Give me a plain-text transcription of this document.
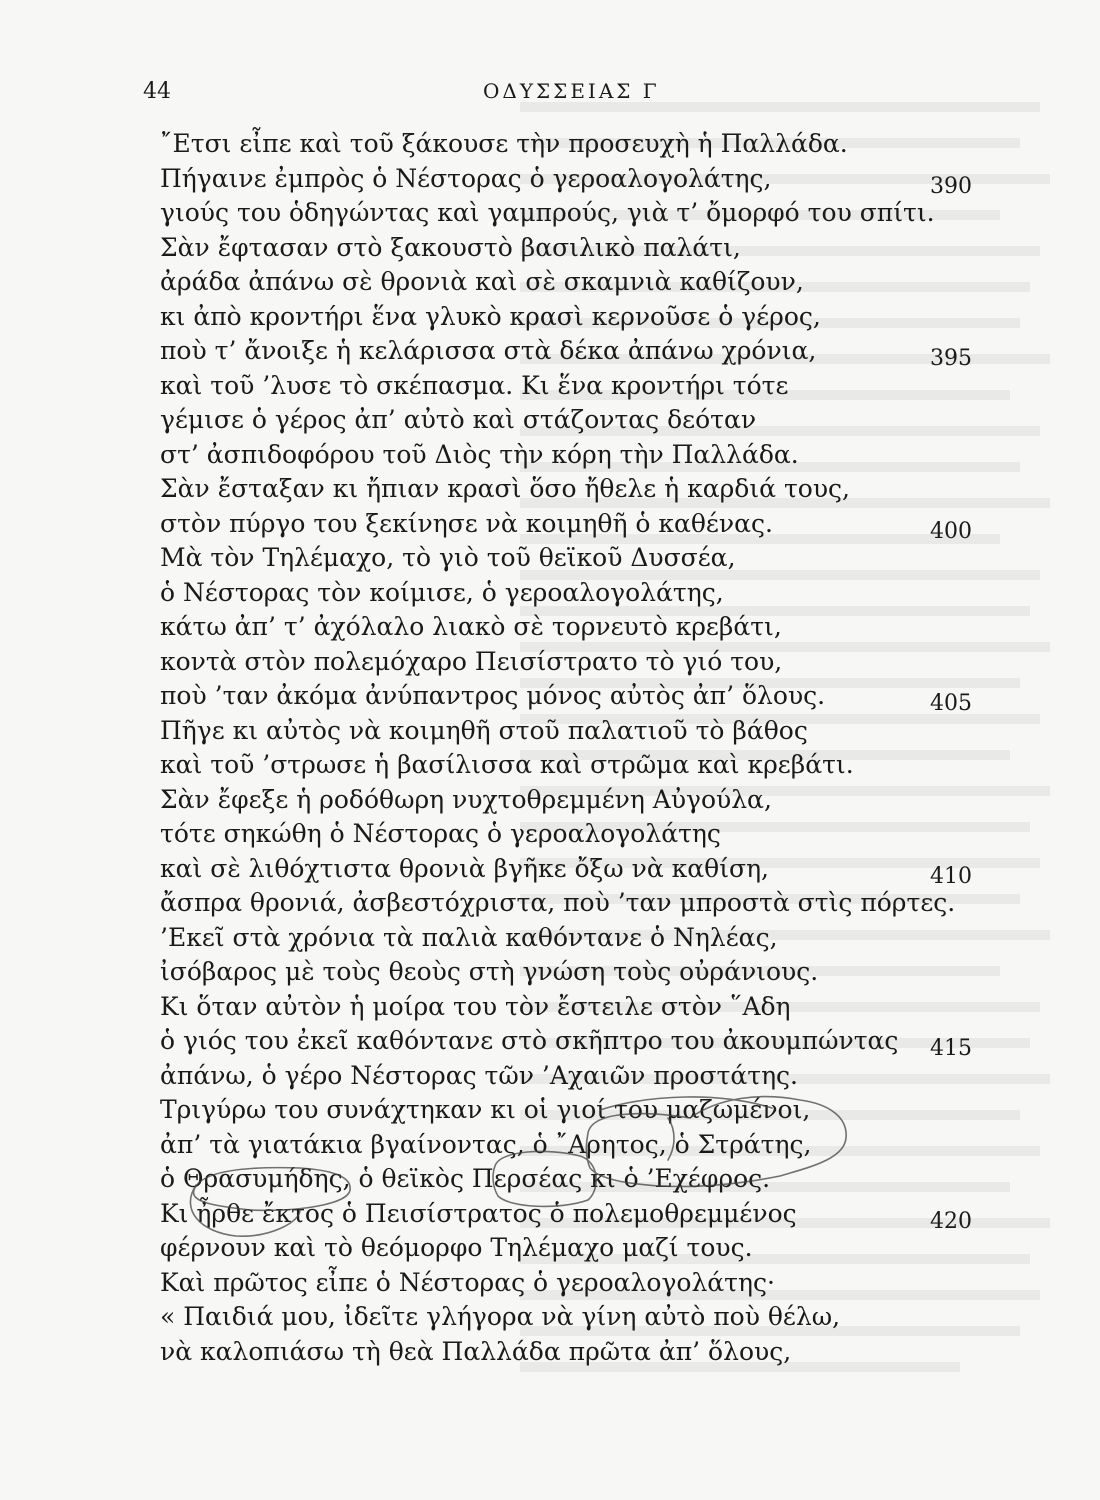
44	ΟΔΥΣΣΕΙΑΣ Γ
῎Ετσι εἶπε καὶ τοῦ ξάκουσε τὴν προσευχὴ ἡ Παλλάδα.
Πήγαινε ἐμπρὸς ὁ Νέστορας ὁ γεροαλογολάτης,	390
γιούς του ὁδηγώντας καὶ γαμπρούς, γιὰ τ’ ὄμορφό του σπίτι.
Σὰν ἔφτασαν στὸ ξακουστὸ βασιλικὸ παλάτι,
ἀράδα ἀπάνω σὲ θρονιὰ καὶ σὲ σκαμνιὰ καθίζουν,
κι ἀπὸ κροντήρι ἕνα γλυκὸ κρασὶ κερνοῦσε ὁ γέρος,
ποὺ τ’ ἄνοιξε ἡ κελάρισσα στὰ δέκα ἀπάνω χρόνια,	395
καὶ τοῦ ’λυσε τὸ σκέπασμα. Κι ἕνα κροντήρι τότε
γέμισε ὁ γέρος ἀπ’ αὐτὸ καὶ στάζοντας δεόταν
στ’ ἀσπιδοφόρου τοῦ Διὸς τὴν κόρη τὴν Παλλάδα.
Σὰν ἔσταξαν κι ἤπιαν κρασὶ ὅσο ἤθελε ἡ καρδιά τους,
στὸν πύργο του ξεκίνησε νὰ κοιμηθῆ ὁ καθένας.	400
Μὰ τὸν Τηλέμαχο, τὸ γιὸ τοῦ θεϊκοῦ Δυσσέα,
ὁ Νέστορας τὸν κοίμισε, ὁ γεροαλογολάτης,
κάτω ἀπ’ τ’ ἀχόλαλο λιακὸ σὲ τορνευτὸ κρεβάτι,
κοντὰ στὸν πολεμόχαρο Πεισίστρατο τὸ γιό του,
ποὺ ’ταν ἀκόμα ἀνύπαντρος μόνος αὐτὸς ἀπ’ ὅλους.	405
Πῆγε κι αὐτὸς νὰ κοιμηθῆ στοῦ παλατιοῦ τὸ βάθος
καὶ τοῦ ’στρωσε ἡ βασίλισσα καὶ στρῶμα καὶ κρεβάτι.
Σὰν ἔφεξε ἡ ροδόθωρη νυχτοθρεμμένη Αὐγούλα,
τότε σηκώθη ὁ Νέστορας ὁ γεροαλογολάτης
καὶ σὲ λιθόχτιστα θρονιὰ βγῆκε ὄξω νὰ καθίση,	410
ἄσπρα θρονιά, ἀσβεστόχριστα, ποὺ ’ταν μπροστὰ στὶς πόρτες.
’Εκεῖ στὰ χρόνια τὰ παλιὰ καθόντανε ὁ Νηλέας,
ἰσόβαρος μὲ τοὺς θεοὺς στὴ γνώση τοὺς οὐράνιους.
Κι ὅταν αὐτὸν ἡ μοίρα του τὸν ἔστειλε στὸν ῞Αδη
ὁ γιός του ἐκεῖ καθόντανε στὸ σκῆπτρο του ἀκουμπώντας 415
ἀπάνω, ὁ γέρο Νέστορας τῶν ’Αχαιῶν προστάτης.
Τριγύρω του συνάχτηκαν κι οἱ γιοί του μαζωμένοι,
ἀπ’ τὰ γιατάκια βγαίνοντας, ὁ ῎Αρητος, ὁ Στράτης,
ὁ Θρασυμήδης, ὁ θεϊκὸς Περσέας κι ὁ ’Εχέφρος.
Κι ἦρθε ἔκτος ὁ Πεισίστρατος ὁ πολεμοθρεμμένος	420
φέρνουν καὶ τὸ θεόμορφο Τηλέμαχο μαζί τους.
Καὶ πρῶτος εἶπε ὁ Νέστορας ὁ γεροαλογολάτης·
« Παιδιά μου, ἰδεῖτε γλήγορα νὰ γίνη αὐτὸ ποὺ θέλω,
νὰ καλοπιάσω τὴ θεὰ Παλλάδα πρῶτα ἀπ’ ὅλους,
